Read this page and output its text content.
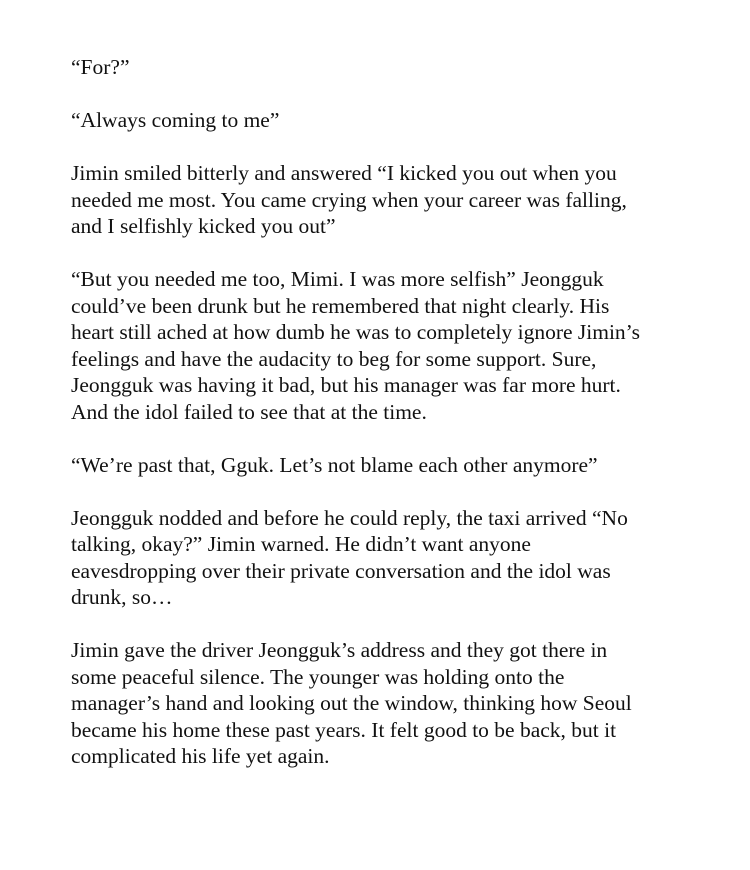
“For?”

“Always coming to me”

Jimin smiled bitterly and answered “I kicked you out when you
needed me most. You came crying when your career was falling,
and I selfishly kicked you out”

“But you needed me too, Mimi. I was more selfish” Jeongguk
could’ve been drunk but he remembered that night clearly. His
heart still ached at how dumb he was to completely ignore Jimin’s
feelings and have the audacity to beg for some support. Sure,
Jeongguk was having it bad, but his manager was far more hurt.
And the idol failed to see that at the time.

“We’re past that, Gguk. Let’s not blame each other anymore”

Jeongguk nodded and before he could reply, the taxi arrived “No
talking, okay?” Jimin warned. He didn’t want anyone
eavesdropping over their private conversation and the idol was
drunk, so…

Jimin gave the driver Jeongguk’s address and they got there in
some peaceful silence. The younger was holding onto the
manager’s hand and looking out the window, thinking how Seoul
became his home these past years. It felt good to be back, but it
complicated his life yet again.
